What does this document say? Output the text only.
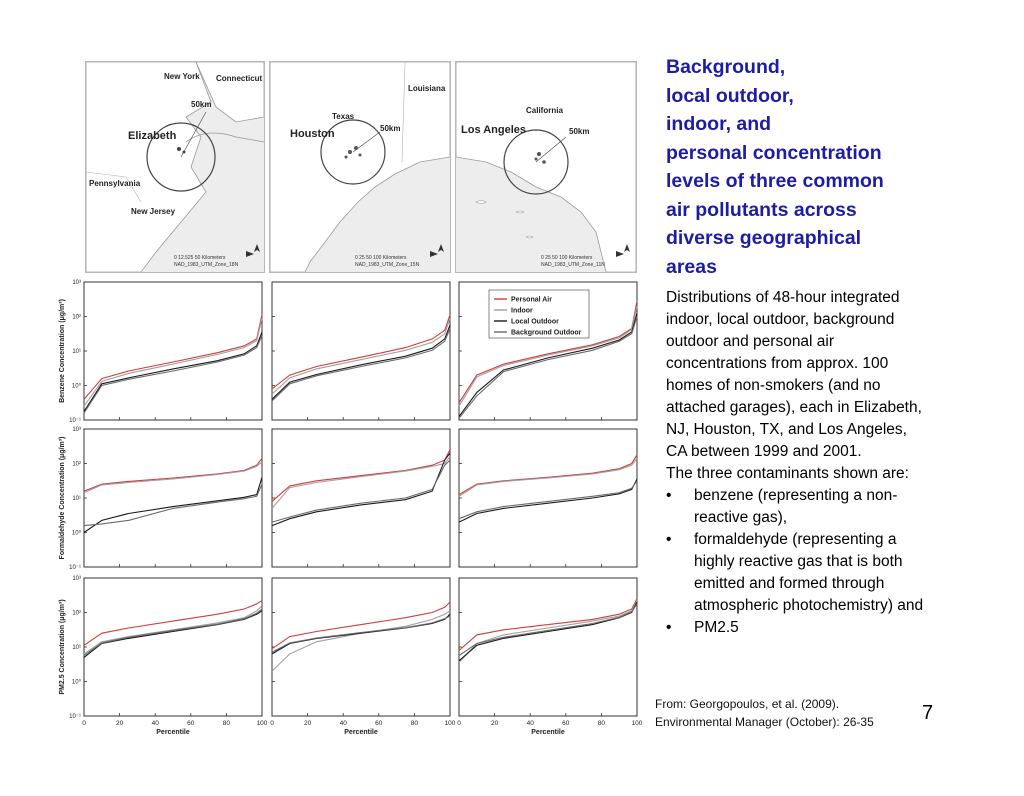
New York Connecticut
50km
Elizabeth
Pennsylvania
New Jersey
0 12.525 50 Kilometers
NAD_1983_UTM_Zone_18N
Louisiana
Texas
50km
Houston
0 25 50 100 Kilometers
NAD_1983_UTM_Zone_15N
California
Los Angeles	50km
0 25 50 100 Kilometers
NAD_1983_UTM_Zone_11N
10⁻¹
10⁰
10¹
10²
10³
Benzene Concentration (μg/m³)
10⁻¹
10⁰
10¹
10²
10³
Formaldehyde Concentration (μg/m³)
0	20	40	60	80	100
10⁻¹
10⁰
10¹
10²
10³
0	20	40	60	80	100 0	20	40	60	80	100
PM2.5 Concentration (μg/m³)
Percentile	Percentile	Percentile
Personal Air
Indoor
Local Outdoor
Background Outdoor
Background,
local outdoor,
indoor, and
personal concentration
levels of three common
air pollutants across
diverse geographical
areas
Distributions of 48-hour integrated
indoor, local outdoor, background
outdoor and personal air
concentrations from approx. 100
homes of non-smokers (and no
attached garages), each in Elizabeth,
NJ, Houston, TX, and Los Angeles,
CA between 1999 and 2001.
The three contaminants shown are:
• benzene (representing a non-
reactive gas),
• formaldehyde (representing a
highly reactive gas that is both
emitted and formed through
atmospheric photochemistry) and
• PM2.5
From: Georgopoulos, et al. (2009).
Environmental Manager (October): 26-35 7
